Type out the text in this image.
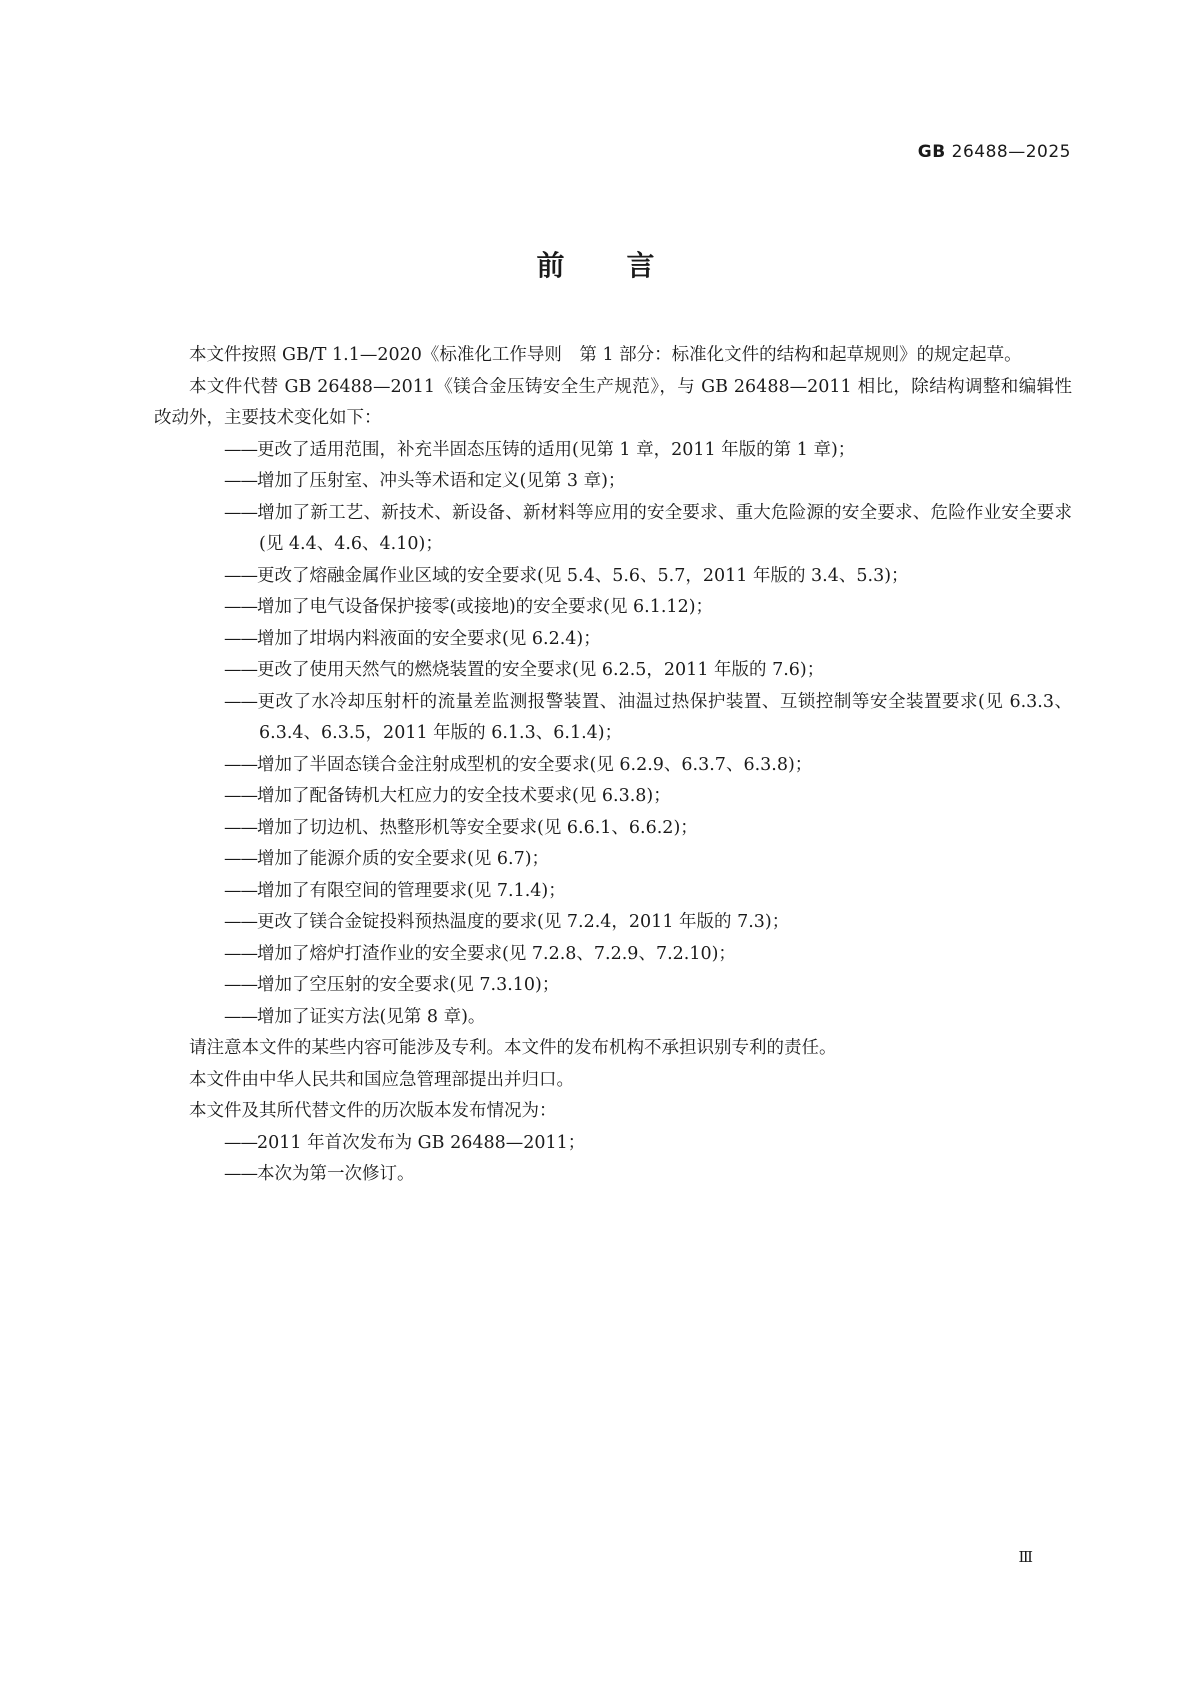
GB 26488—2025
前 言

本文件按照 GB/T 1.1—2020《标准化工作导则　第 1 部分：标准化文件的结构和起草规则》的规定起草。

本文件代替 GB 26488—2011《镁合金压铸安全生产规范》，与 GB 26488—2011 相比，除结构调整和编辑性改动外，主要技术变化如下：

——更改了适用范围，补充半固态压铸的适用(见第 1 章，2011 年版的第 1 章)；

——增加了压射室、冲头等术语和定义(见第 3 章)；

——增加了新工艺、新技术、新设备、新材料等应用的安全要求、重大危险源的安全要求、危险作业安全要求(见 4.4、4.6、4.10)；

——更改了熔融金属作业区域的安全要求(见 5.4、5.6、5.7，2011 年版的 3.4、5.3)；

——增加了电气设备保护接零(或接地)的安全要求(见 6.1.12)；

——增加了坩埚内料液面的安全要求(见 6.2.4)；

——更改了使用天然气的燃烧装置的安全要求(见 6.2.5，2011 年版的 7.6)；

——更改了水冷却压射杆的流量差监测报警装置、油温过热保护装置、互锁控制等安全装置要求(见 6.3.3、6.3.4、6.3.5，2011 年版的 6.1.3、6.1.4)；

——增加了半固态镁合金注射成型机的安全要求(见 6.2.9、6.3.7、6.3.8)；

——增加了配备铸机大杠应力的安全技术要求(见 6.3.8)；

——增加了切边机、热整形机等安全要求(见 6.6.1、6.6.2)；

——增加了能源介质的安全要求(见 6.7)；

——增加了有限空间的管理要求(见 7.1.4)；

——更改了镁合金锭投料预热温度的要求(见 7.2.4，2011 年版的 7.3)；

——增加了熔炉打渣作业的安全要求(见 7.2.8、7.2.9、7.2.10)；

——增加了空压射的安全要求(见 7.3.10)；

——增加了证实方法(见第 8 章)。

请注意本文件的某些内容可能涉及专利。本文件的发布机构不承担识别专利的责任。

本文件由中华人民共和国应急管理部提出并归口。

本文件及其所代替文件的历次版本发布情况为：

——2011 年首次发布为 GB 26488—2011；

——本次为第一次修订。

Ⅲ
